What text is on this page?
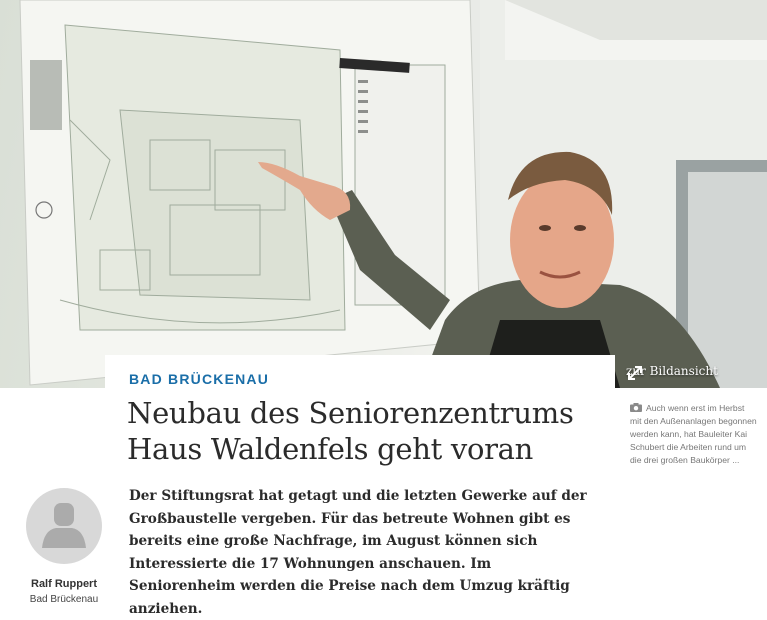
zur Bildansicht
BAD BRÜCKENAU
Neubau des Seniorenzentrums Haus Waldenfels geht voran

Der Stiftungsrat hat getagt und die letzten Gewerke auf der Großbaustelle vergeben. Für das betreute Wohnen gibt es bereits eine große Nachfrage, im August können sich Interessierte die 17 Wohnungen anschauen. Im Seniorenheim werden die Preise nach dem Umzug kräftig anziehen.

Ralf Ruppert
Bad Brückenau
Auch wenn erst im Herbst mit den Außenanlagen begonnen werden kann, hat Bauleiter Kai Schubert die Arbeiten rund um die drei großen Baukörper ...
